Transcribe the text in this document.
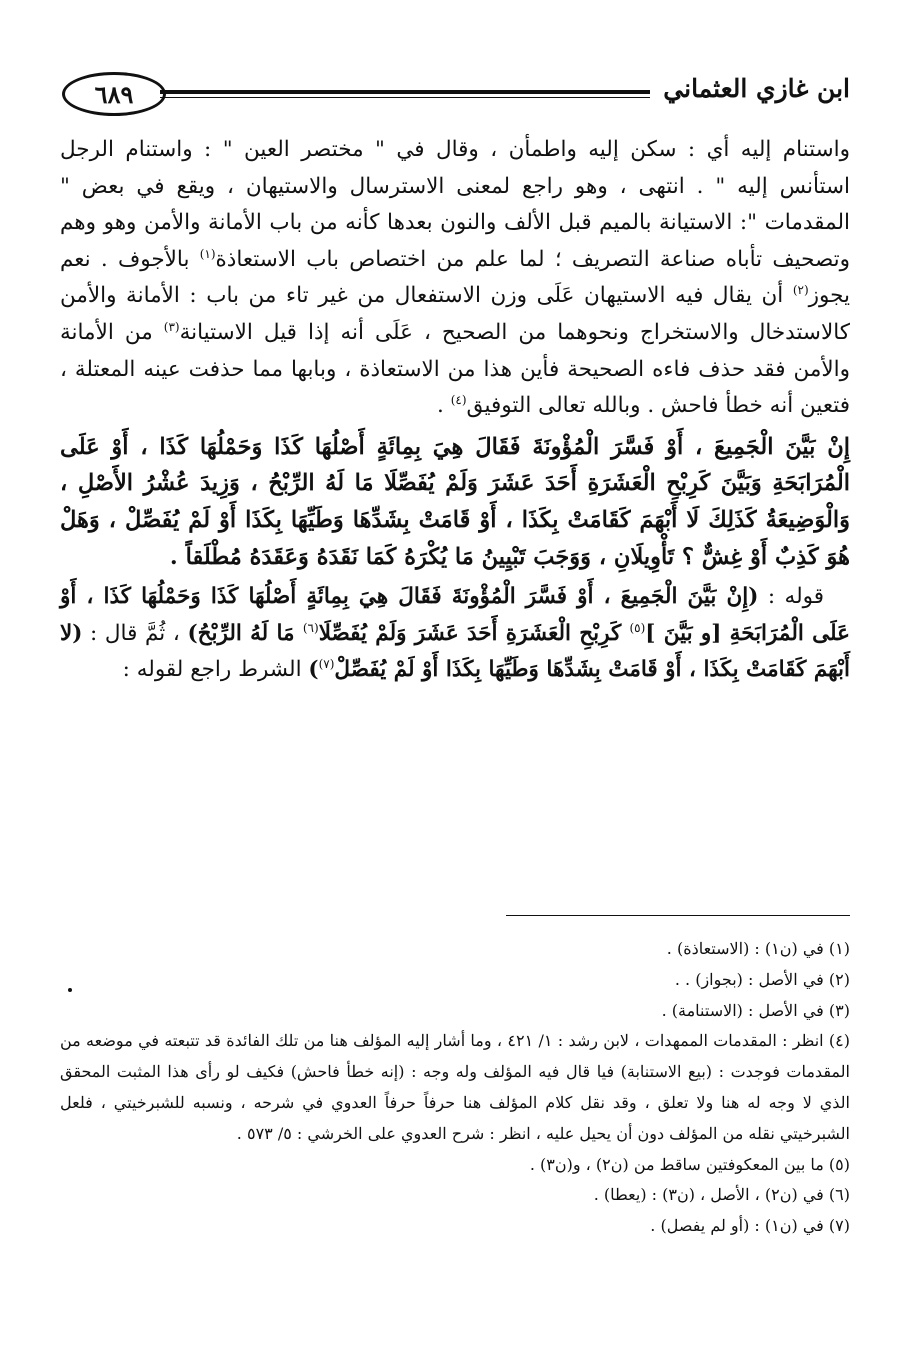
٦٨٩	ابن غازي العثماني

واستنام إليه أي : سكن إليه واطمأن ، وقال في " مختصر العين " : واستنام الرجل استأنس إليه " . انتهى ، وهو راجع لمعنى الاسترسال والاستيهان ، ويقع في بعض " المقدمات ": الاستيانة بالميم قبل الألف والنون بعدها كأنه من باب الأمانة والأمن وهو وهم وتصحيف تأباه صناعة التصريف ؛ لما علم من اختصاص باب الاستعاذة$^{(١)}$ بالأجوف . نعم يجوز$^{(٢)}$ أن يقال فيه الاستيهان عَلَى وزن الاستفعال من غير تاء من باب : الأمانة والأمن كالاستدخال والاستخراج ونحوهما من الصحيح ، عَلَى أنه إذا قيل الاستيانة$^{(٣)}$ من الأمانة والأمن فقد حذف فاءه الصحيحة فأين هذا من الاستعاذة ، وبابها مما حذفت عينه المعتلة ، فتعين أنه خطأ فاحش . وبالله تعالى التوفيق$^{(٤)}$ .

إِنْ بَيَّنَ الْجَمِيعَ ، أَوْ فَسَّرَ الْمُؤْونَةَ فَقَالَ هِيَ بِمِائَةٍ أَصْلُهَا كَذَا وَحَمْلُهَا كَذَا ، أَوْ عَلَى الْمُرَابَحَةِ وَبَيَّنَ كَرِبْحِ الْعَشَرَةِ أَحَدَ عَشَرَ وَلَمْ يُفَصِّلَا مَا لَهُ الرِّبْحُ ، وَزِيدَ عُشْرُ الأَصْلِ ، وَالْوَضِيعَةُ كَذَلِكَ لَا أَبْهَمَ كَقَامَتْ بِكَذَا ، أَوْ قَامَتْ بِشَدِّهَا وَطَيِّهَا بِكَذَا أَوْ لَمْ يُفَصِّلْ ، وَهَلْ هُوَ كَذِبٌ أَوْ غِشٌّ ؟ تَأْوِيلَانِ ، وَوَجَبَ تَبْيِينُ مَا يُكْرَهُ كَمَا نَقَدَهُ وَعَقَدَهُ مُطْلَقاً .

قوله : (إِنْ بَيَّنَ الْجَمِيعَ ، أَوْ فَسَّرَ الْمُؤْونَةَ فَقَالَ هِيَ بِمِائَةٍ أَصْلُهَا كَذَا وَحَمْلُهَا كَذَا ، أَوْ عَلَى الْمُرَابَحَةِ [و بَيَّنَ ]$^{(٥)}$ كَرِبْحِ الْعَشَرَةِ أَحَدَ عَشَرَ وَلَمْ يُفَصِّلَا$^{(٦)}$ مَا لَهُ الرِّبْحُ) ، ثُمَّ قال : (لا أَبْهَمَ كَقَامَتْ بِكَذَا ، أَوْ قَامَتْ بِشَدِّهَا وَطَيِّهَا بِكَذَا أَوْ لَمْ يُفَصِّلْ$^{(٧)}$) الشرط راجع لقوله :

(١) في (ن١) : (الاستعاذة) .

(٢) في الأصل : (بجواز) . .

(٣) في الأصل : (الاستنامة) .

(٤) انظر : المقدمات الممهدات ، لابن رشد : ١/ ٤٢١ ، وما أشار إليه المؤلف هنا من تلك الفائدة قد تتبعته في موضعه من المقدمات فوجدت : (بيع الاستنابة) فيا قال فيه المؤلف وله وجه : (إنه خطأ فاحش) فكيف لو رأى هذا المثبت المحقق الذي لا وجه له هنا ولا تعلق ، وقد نقل كلام المؤلف هنا حرفاً حرفاً العدوي في شرحه ، ونسبه للشبرخيتي ، فلعل الشبرخيتي نقله من المؤلف دون أن يحيل عليه ، انظر : شرح العدوي على الخرشي : ٥/ ٥٧٣ .

(٥) ما بين المعكوفتين ساقط من (ن٢) ، و(ن٣) .

(٦) في (ن٢) ، الأصل ، (ن٣) : (يعطا) .

(٧) في (ن١) : (أو لم يفصل) .
